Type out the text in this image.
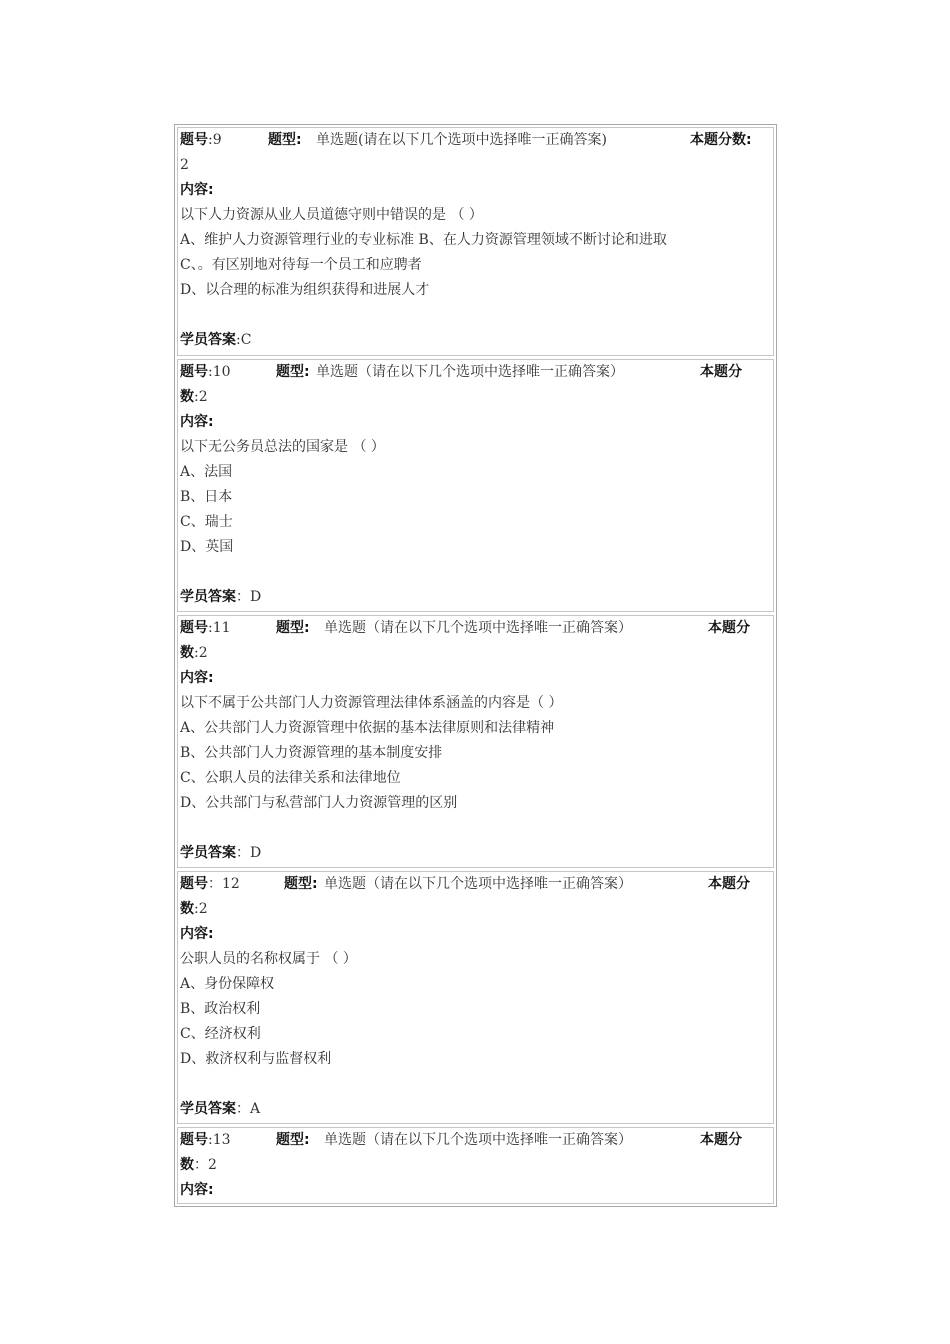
题号 :9	题型 : 单选题(请在以下几个选项中选择唯一正确答案)	本题分数:
2
内容:
以下人力资源从业人员道德守则中错误的是 （ ）
A、维护人力资源管理行业的专业标准 B、在人力资源管理领域不断讨论和进取
C、。有区别地对待每一个员工和应聘者
D、以合理的标准为组织获得和进展人才
学员答案:C
题号 :10	题型 : 单选题（请在以下几个选项中选择唯一正确答案）	本题分
数:2
内容:
以下无公务员总法的国家是 （ ）
A、法国
B、日本
C、瑞士
D、英国
学员答案：D
题号 :11	题型 : 单选题（请在以下几个选项中选择唯一正确答案）	本题分
数:2
内容:
以下不属于公共部门人力资源管理法律体系涵盖的内容是（ ）
A、公共部门人力资源管理中依据的基本法律原则和法律精神
B、公共部门人力资源管理的基本制度安排
C、公职人员的法律关系和法律地位
D、公共部门与私营部门人力资源管理的区别
学员答案：D
题号 ：12	题型 : 单选题（请在以下几个选项中选择唯一正确答案）	本题分
数:2
内容:
公职人员的名称权属于 （ ）
A、身份保障权
B、政治权利
C、经济权利
D、救济权利与监督权利
学员答案：A
题号 :13	题型 : 单选题（请在以下几个选项中选择唯一正确答案）	本题分
数：2
内容:
